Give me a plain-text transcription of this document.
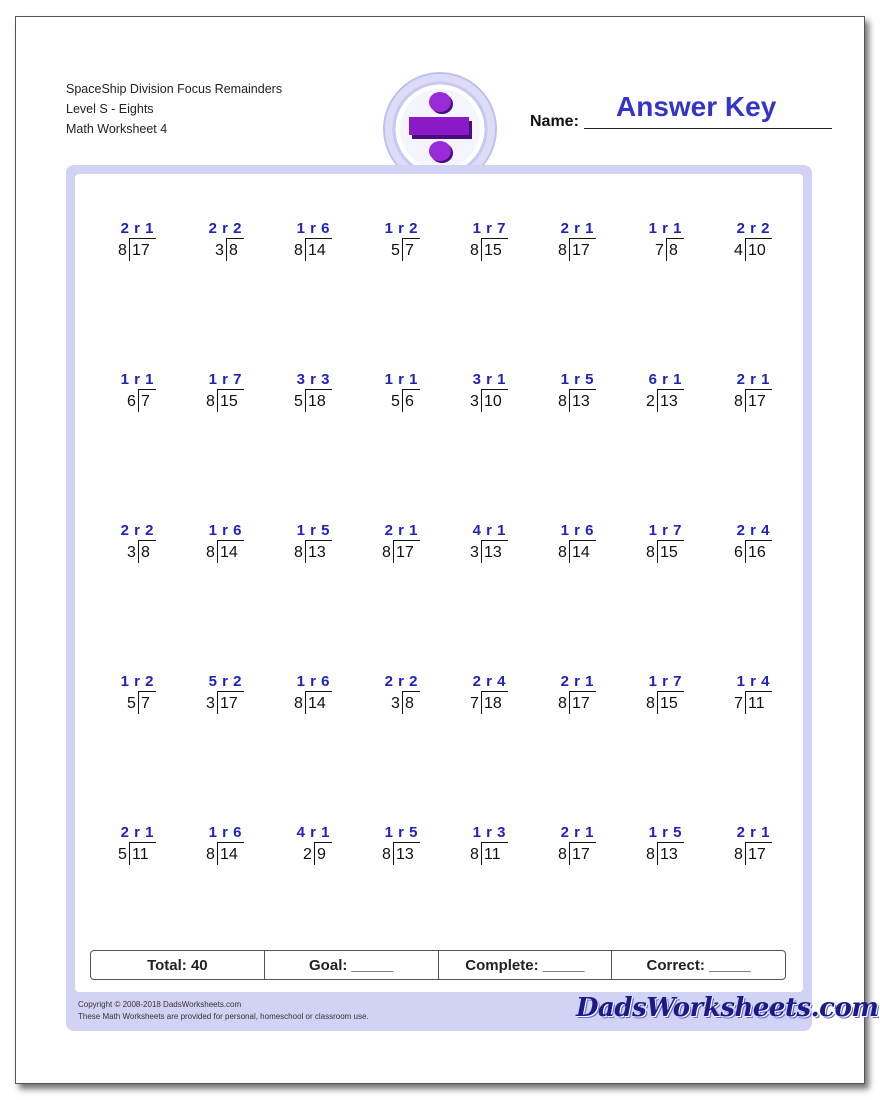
SpaceShip Division Focus Remainders
Level S - Eights
Math Worksheet 4	Name: Answer Key
2 r 1
8 17
2 r 2
3 8
1 r 6
8 14
1 r 2
5 7
1 r 7
8 15
2 r 1
8 17
1 r 1
7 8
2 r 2
4 10
1 r 1
6 7
1 r 7
8 15
3 r 3
5 18
1 r 1
5 6
3 r 1
3 10
1 r 5
8 13
6 r 1
2 13
2 r 1
8 17
2 r 2
3 8
1 r 6
8 14
1 r 5
8 13
2 r 1
8 17
4 r 1
3 13
1 r 6
8 14
1 r 7
8 15
2 r 4
6 16
1 r 2
5 7
5 r 2
3 17
1 r 6
8 14
2 r 2
3 8
2 r 4
7 18
2 r 1
8 17
1 r 7
8 15
1 r 4
7 11
2 r 1
5 11
1 r 6
8 14
4 r 1
2 9
1 r 5
8 13
1 r 3
8 11
2 r 1
8 17
1 r 5
8 13
2 r 1
8 17
Total: 40	Goal: _____	Complete: _____	Correct: _____
Copyright © 2008-2018 DadsWorksheets.com
These Math Worksheets are provided for personal, homeschool or classroom use.	DadsWorksheets.com
